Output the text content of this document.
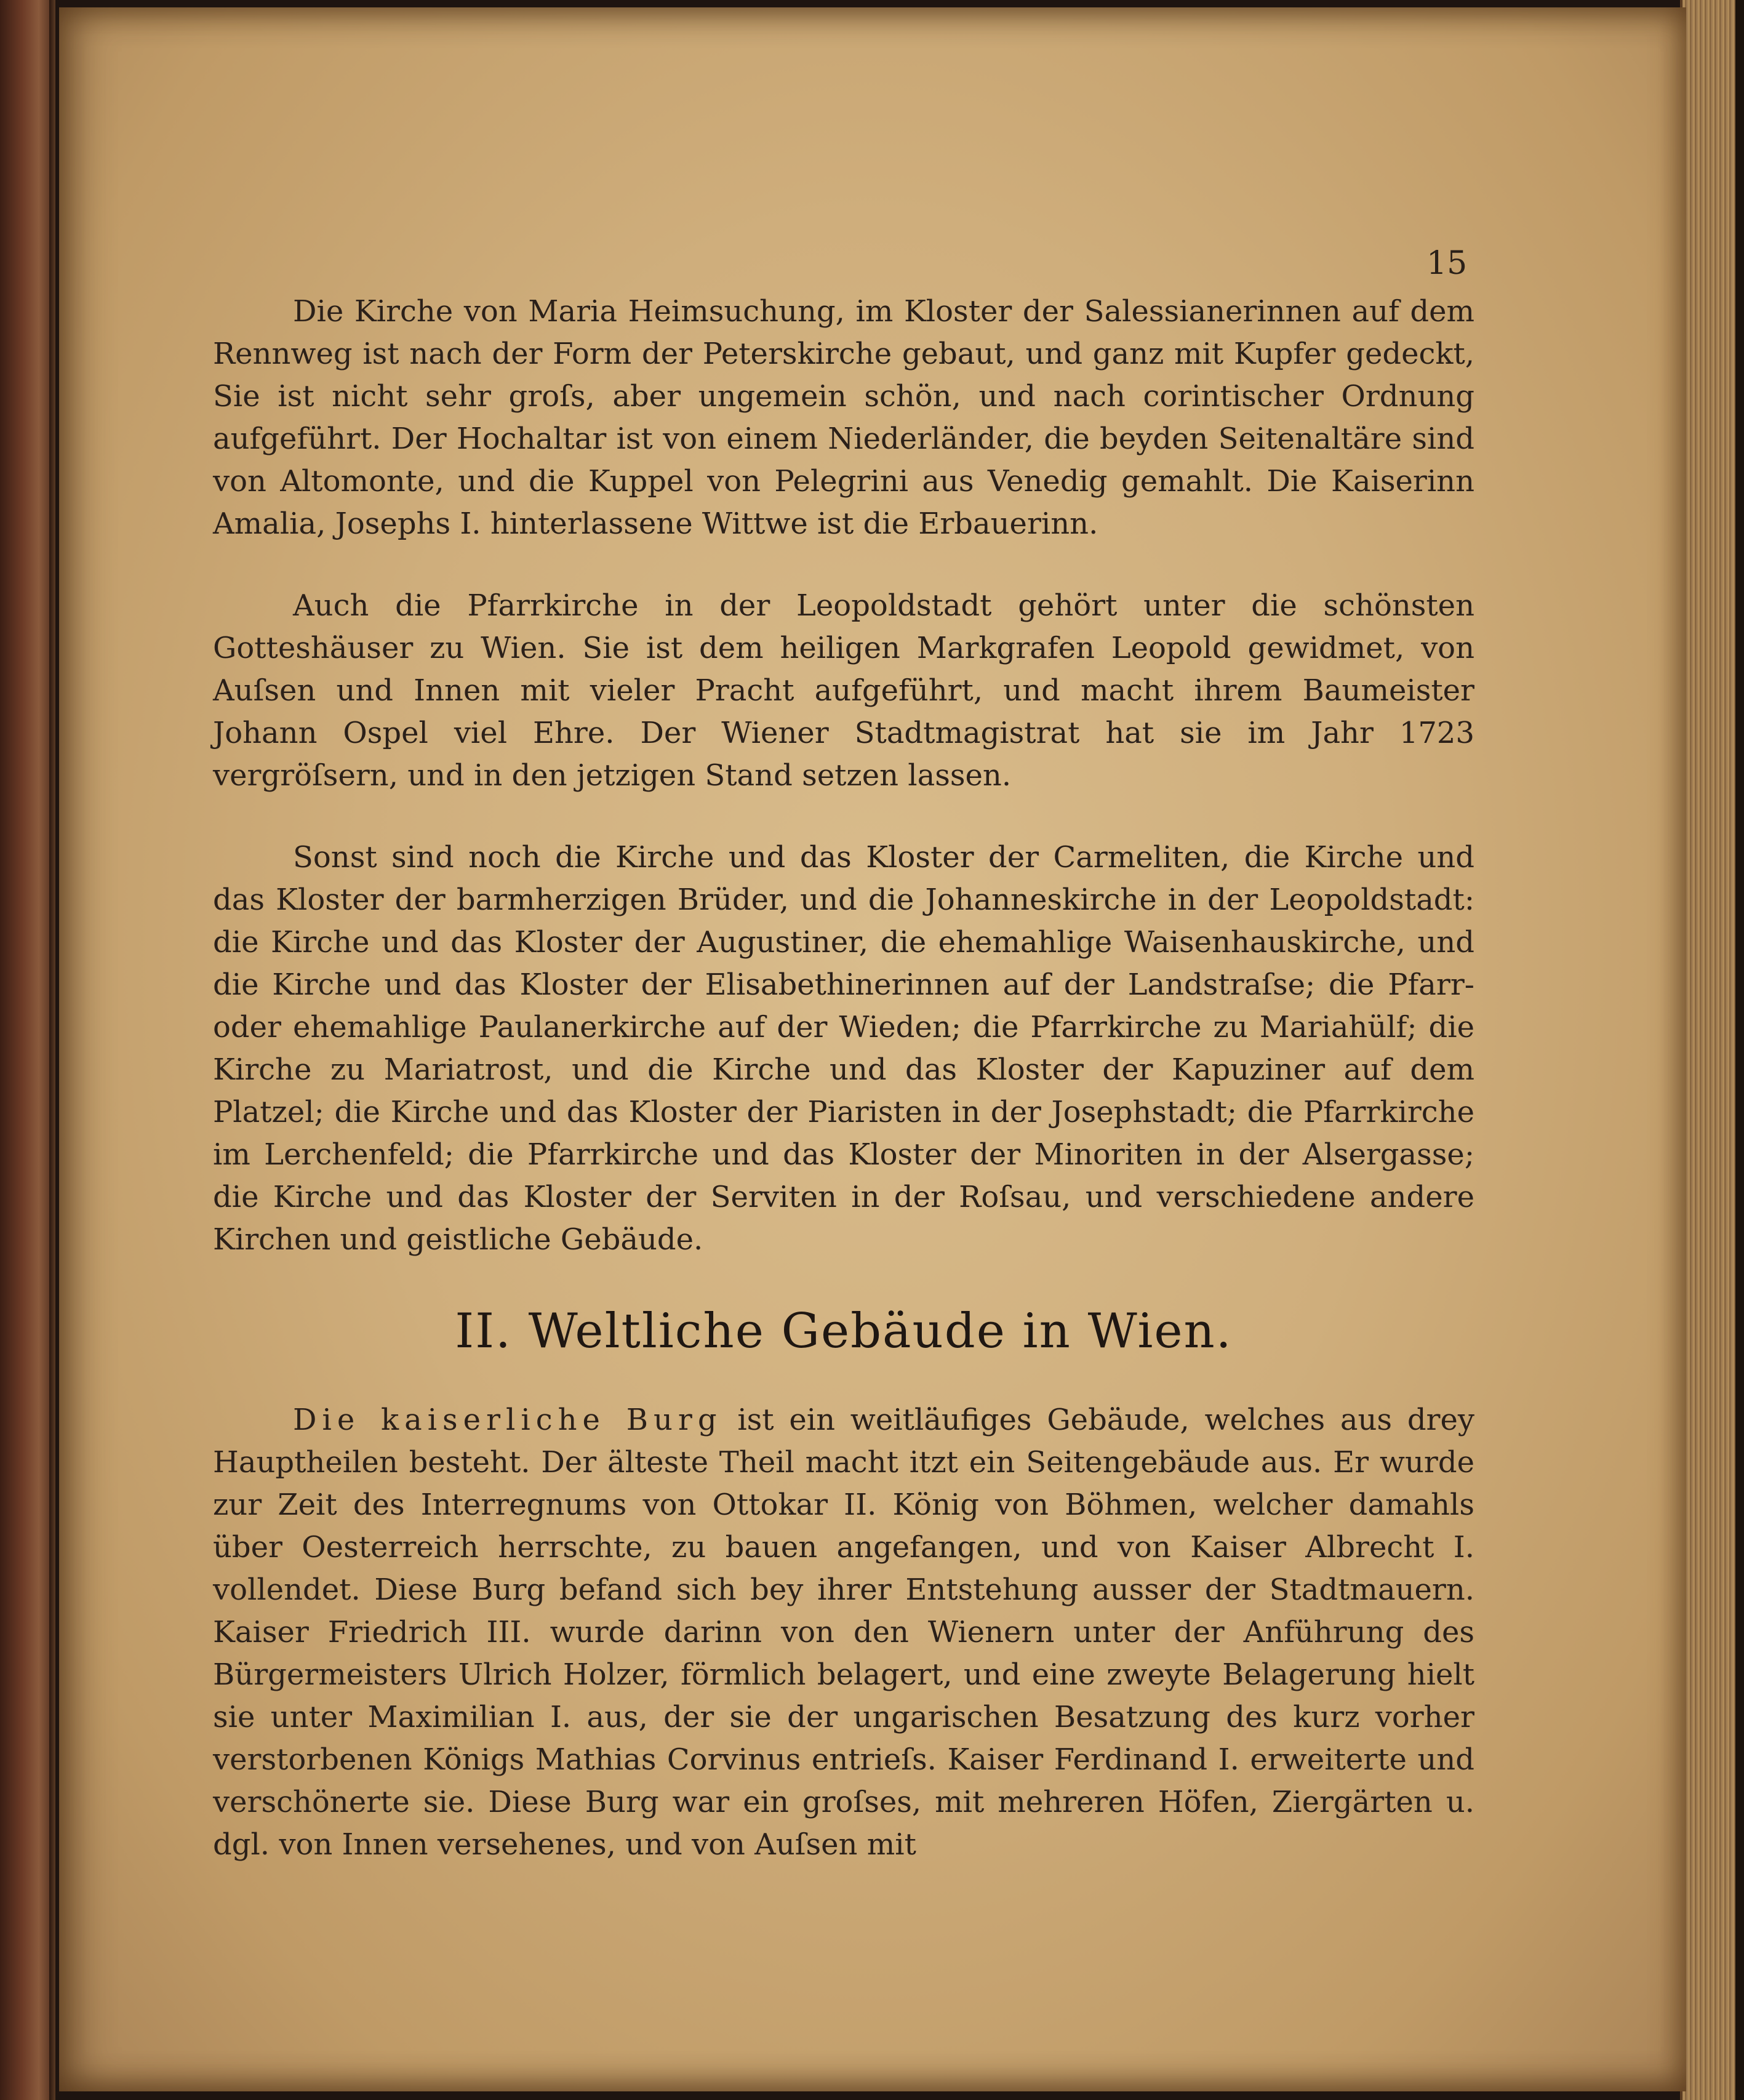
15

Die Kirche von Maria Heimsuchung, im Kloster der Salessianerinnen auf dem Rennweg ist nach der Form der Peterskirche gebaut, und ganz mit Kupfer gedeckt, Sie ist nicht sehr groſs, aber ungemein schön, und nach corintischer Ordnung aufgeführt. Der Hochaltar ist von einem Niederländer, die beyden Seitenaltäre sind von Altomonte, und die Kuppel von Pelegrini aus Venedig gemahlt. Die Kaiserinn Amalia, Josephs I. hinterlassene Wittwe ist die Erbauerinn.

Auch die Pfarrkirche in der Leopoldstadt gehört unter die schönsten Gotteshäuser zu Wien. Sie ist dem heiligen Markgrafen Leopold gewidmet, von Auſsen und Innen mit vieler Pracht aufgeführt, und macht ihrem Baumeister Johann Ospel viel Ehre. Der Wiener Stadtmagistrat hat sie im Jahr 1723 vergröſsern, und in den jetzigen Stand setzen lassen.

Sonst sind noch die Kirche und das Kloster der Carmeliten, die Kirche und das Kloster der barmherzigen Brüder, und die Johanneskirche in der Leopoldstadt: die Kirche und das Kloster der Augustiner, die ehemahlige Waisenhauskirche, und die Kirche und das Kloster der Elisabethinerinnen auf der Landstraſse; die Pfarr-oder ehemahlige Paulanerkirche auf der Wieden; die Pfarrkirche zu Mariahülf; die Kirche zu Mariatrost, und die Kirche und das Kloster der Kapuziner auf dem Platzel; die Kirche und das Kloster der Piaristen in der Josephstadt; die Pfarrkirche im Lerchenfeld; die Pfarrkirche und das Kloster der Minoriten in der Alsergasse; die Kirche und das Kloster der Serviten in der Roſsau, und verschiedene andere Kirchen und geistliche Gebäude.

II. Weltliche Gebäude in Wien.

Die kaiserliche Burg ist ein weitläufiges Gebäude, welches aus drey Hauptheilen besteht. Der älteste Theil macht itzt ein Seitengebäude aus. Er wurde zur Zeit des Interregnums von Ottokar II. König von Böhmen, welcher damahls über Oesterreich herrschte, zu bauen angefangen, und von Kaiser Albrecht I. vollendet. Diese Burg befand sich bey ihrer Entstehung ausser der Stadtmauern. Kaiser Friedrich III. wurde darinn von den Wienern unter der Anführung des Bürgermeisters Ulrich Holzer, förmlich belagert, und eine zweyte Belagerung hielt sie unter Maximilian I. aus, der sie der ungarischen Besatzung des kurz vorher verstorbenen Königs Mathias Corvinus entrieſs. Kaiser Ferdinand I. erweiterte und verschönerte sie. Diese Burg war ein groſses, mit mehreren Höfen, Ziergärten u. dgl. von Innen versehenes, und von Auſsen mit
